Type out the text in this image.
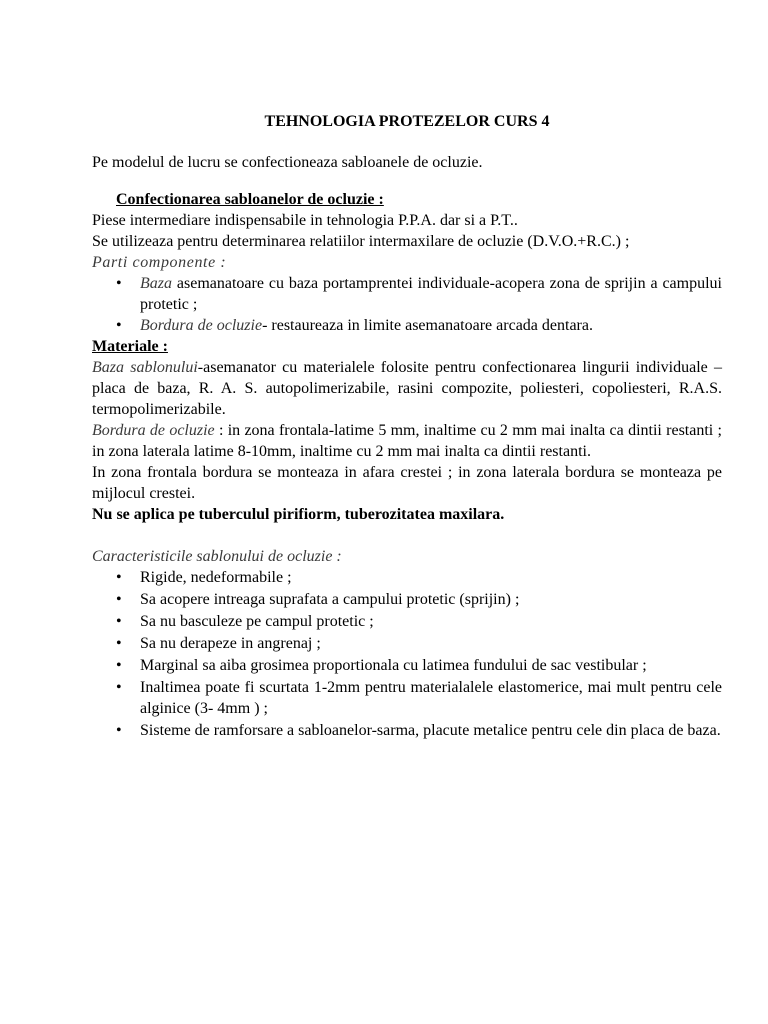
TEHNOLOGIA PROTEZELOR CURS 4

Pe modelul de lucru se confectioneaza sabloanele de ocluzie.

Confectionarea sabloanelor de ocluzie :

Piese intermediare indispensabile in tehnologia P.P.A. dar si a P.T..

Se utilizeaza pentru determinarea relatiilor intermaxilare de ocluzie (D.V.O.+R.C.) ;

Parti componente :

• Baza asemanatoare cu baza portamprentei individuale-acopera zona de sprijin a campului protetic ;
• Bordura de ocluzie- restaureaza in limite asemanatoare arcada dentara.

Materiale :

Baza sablonului-asemanator cu materialele folosite pentru confectionarea lingurii individuale –placa de baza, R. A. S. autopolimerizabile, rasini compozite, poliesteri, copoliesteri, R.A.S. termopolimerizabile.

Bordura de ocluzie : in zona frontala-latime 5 mm, inaltime cu 2 mm mai inalta ca dintii restanti ; in zona laterala latime 8-10mm, inaltime cu 2 mm mai inalta ca dintii restanti.

In zona frontala bordura se monteaza in afara crestei ; in zona laterala bordura se monteaza pe mijlocul crestei.

Nu se aplica pe tuberculul pirifiorm, tuberozitatea maxilara.

Caracteristicile sablonului de ocluzie :

• Rigide, nedeformabile ;
• Sa acopere intreaga suprafata a campului protetic (sprijin) ;
• Sa nu basculeze pe campul protetic ;
• Sa nu derapeze in angrenaj ;
• Marginal sa aiba grosimea proportionala cu latimea fundului de sac vestibular ;
• Inaltimea poate fi scurtata 1-2mm pentru materialalele elastomerice, mai mult pentru cele alginice (3- 4mm ) ;
• Sisteme de ramforsare a sabloanelor-sarma, placute metalice pentru cele din placa de baza.
